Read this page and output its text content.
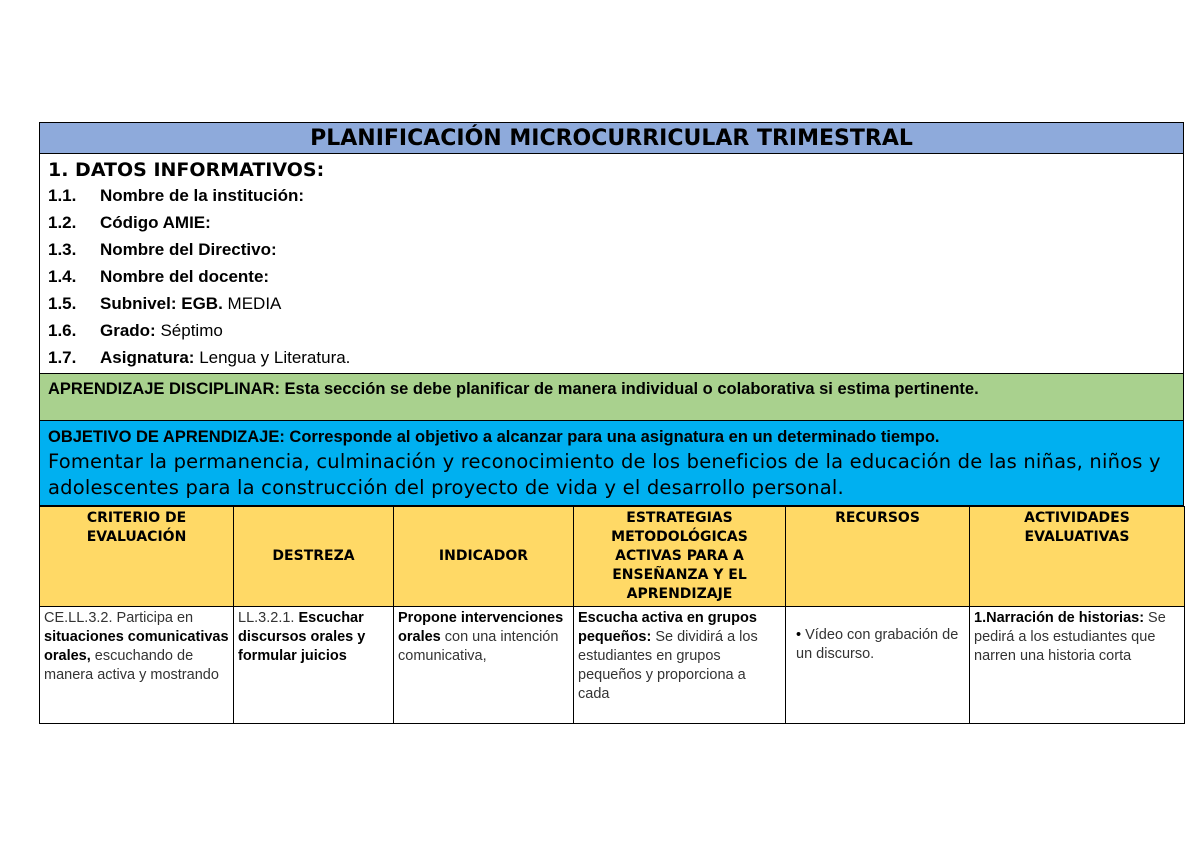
PLANIFICACIÓN MICROCURRICULAR TRIMESTRAL
1. DATOS INFORMATIVOS:
1.1. Nombre de la institución:
1.2. Código AMIE:
1.3. Nombre del Directivo:
1.4. Nombre del docente:
1.5. Subnivel: EGB. MEDIA
1.6. Grado: Séptimo
1.7. Asignatura: Lengua y Literatura.
APRENDIZAJE DISCIPLINAR: Esta sección se debe planificar de manera individual o colaborativa si estima pertinente.
OBJETIVO DE APRENDIZAJE: Corresponde al objetivo a alcanzar para una asignatura en un determinado tiempo.
Fomentar la permanencia, culminación y reconocimiento de los beneficios de la educación de las niñas, niños y adolescentes para la construcción del proyecto de vida y el desarrollo personal.
CRITERIO DE EVALUACIÓN	DESTREZA	INDICADOR	ESTRATEGIAS METODOLÓGICAS ACTIVAS PARA A ENSEÑANZA Y EL APRENDIZAJE	RECURSOS	ACTIVIDADES EVALUATIVAS

CE.LL.3.2. Participa en situaciones comunicativas orales, escuchando de manera activa y mostrando	LL.3.2.1. Escuchar discursos orales y formular juicios	Propone intervenciones orales con una intención comunicativa,	Escucha activa en grupos pequeños: Se dividirá a los estudiantes en grupos pequeños y proporciona a cada	• Vídeo con grabación de un discurso.	1.Narración de historias: Se pedirá a los estudiantes que narren una historia corta
